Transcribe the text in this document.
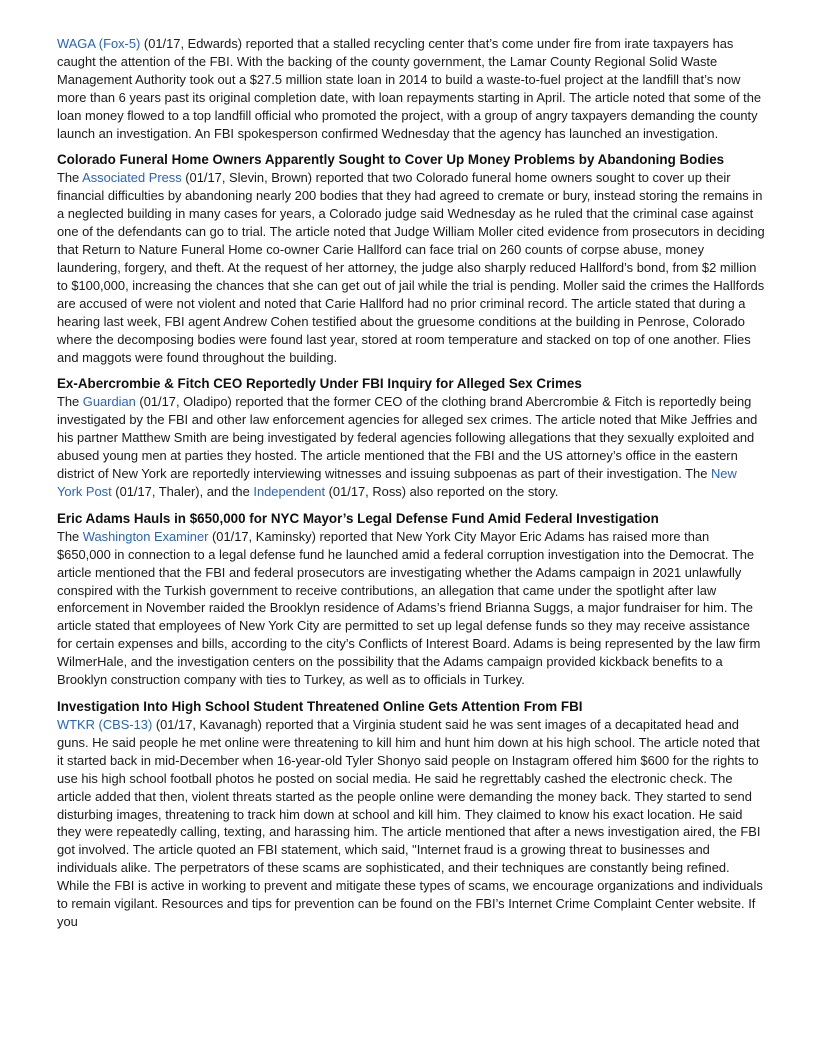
WAGA (Fox-5) (01/17, Edwards) reported that a stalled recycling center that’s come under fire from irate taxpayers has caught the attention of the FBI. With the backing of the county government, the Lamar County Regional Solid Waste Management Authority took out a $27.5 million state loan in 2014 to build a waste-to-fuel project at the landfill that’s now more than 6 years past its original completion date, with loan repayments starting in April. The article noted that some of the loan money flowed to a top landfill official who promoted the project, with a group of angry taxpayers demanding the county launch an investigation. An FBI spokesperson confirmed Wednesday that the agency has launched an investigation.

Colorado Funeral Home Owners Apparently Sought to Cover Up Money Problems by Abandoning Bodies

The Associated Press (01/17, Slevin, Brown) reported that two Colorado funeral home owners sought to cover up their financial difficulties by abandoning nearly 200 bodies that they had agreed to cremate or bury, instead storing the remains in a neglected building in many cases for years, a Colorado judge said Wednesday as he ruled that the criminal case against one of the defendants can go to trial. The article noted that Judge William Moller cited evidence from prosecutors in deciding that Return to Nature Funeral Home co-owner Carie Hallford can face trial on 260 counts of corpse abuse, money laundering, forgery, and theft. At the request of her attorney, the judge also sharply reduced Hallford’s bond, from $2 million to $100,000, increasing the chances that she can get out of jail while the trial is pending. Moller said the crimes the Hallfords are accused of were not violent and noted that Carie Hallford had no prior criminal record. The article stated that during a hearing last week, FBI agent Andrew Cohen testified about the gruesome conditions at the building in Penrose, Colorado where the decomposing bodies were found last year, stored at room temperature and stacked on top of one another. Flies and maggots were found throughout the building.

Ex-Abercrombie & Fitch CEO Reportedly Under FBI Inquiry for Alleged Sex Crimes

The Guardian (01/17, Oladipo) reported that the former CEO of the clothing brand Abercrombie & Fitch is reportedly being investigated by the FBI and other law enforcement agencies for alleged sex crimes. The article noted that Mike Jeffries and his partner Matthew Smith are being investigated by federal agencies following allegations that they sexually exploited and abused young men at parties they hosted. The article mentioned that the FBI and the US attorney’s office in the eastern district of New York are reportedly interviewing witnesses and issuing subpoenas as part of their investigation. The New York Post (01/17, Thaler), and the Independent (01/17, Ross) also reported on the story.

Eric Adams Hauls in $650,000 for NYC Mayor’s Legal Defense Fund Amid Federal Investigation

The Washington Examiner (01/17, Kaminsky) reported that New York City Mayor Eric Adams has raised more than $650,000 in connection to a legal defense fund he launched amid a federal corruption investigation into the Democrat. The article mentioned that the FBI and federal prosecutors are investigating whether the Adams campaign in 2021 unlawfully conspired with the Turkish government to receive contributions, an allegation that came under the spotlight after law enforcement in November raided the Brooklyn residence of Adams’s friend Brianna Suggs, a major fundraiser for him. The article stated that employees of New York City are permitted to set up legal defense funds so they may receive assistance for certain expenses and bills, according to the city’s Conflicts of Interest Board. Adams is being represented by the law firm WilmerHale, and the investigation centers on the possibility that the Adams campaign provided kickback benefits to a Brooklyn construction company with ties to Turkey, as well as to officials in Turkey.

Investigation Into High School Student Threatened Online Gets Attention From FBI

WTKR (CBS-13) (01/17, Kavanagh) reported that a Virginia student said he was sent images of a decapitated head and guns. He said people he met online were threatening to kill him and hunt him down at his high school. The article noted that it started back in mid-December when 16-year-old Tyler Shonyo said people on Instagram offered him $600 for the rights to use his high school football photos he posted on social media. He said he regrettably cashed the electronic check. The article added that then, violent threats started as the people online were demanding the money back. They started to send disturbing images, threatening to track him down at school and kill him. They claimed to know his exact location. He said they were repeatedly calling, texting, and harassing him. The article mentioned that after a news investigation aired, the FBI got involved. The article quoted an FBI statement, which said, "Internet fraud is a growing threat to businesses and individuals alike. The perpetrators of these scams are sophisticated, and their techniques are constantly being refined. While the FBI is active in working to prevent and mitigate these types of scams, we encourage organizations and individuals to remain vigilant. Resources and tips for prevention can be found on the FBI’s Internet Crime Complaint Center website. If you
